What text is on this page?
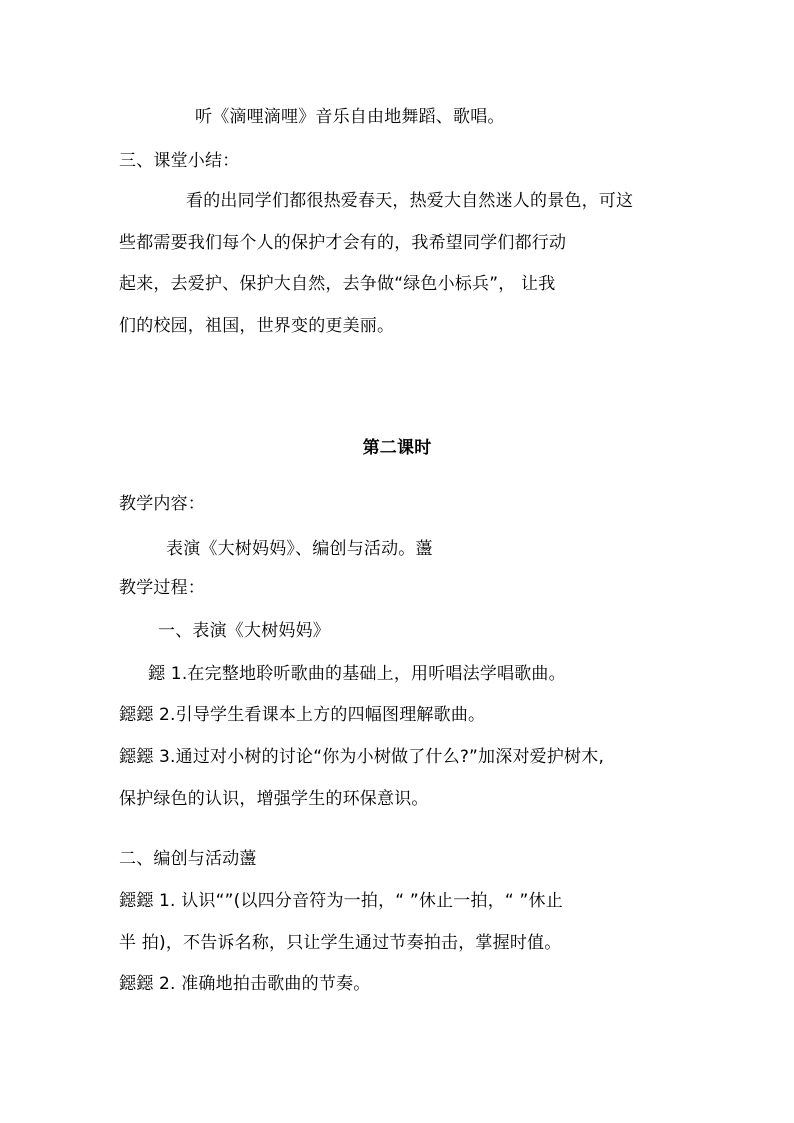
听《滴哩滴哩》音乐自由地舞蹈、歌唱。
三、课堂小结：
看的出同学们都很热爱春天，热爱大自然迷人的景色，可这
些都需要我们每个人的保护才会有的，我希望同学们都行动
起来，去爱护、保护大自然，去争做“绿色小标兵”， 让我
们的校园，祖国，世界变的更美丽。
第二课时
教学内容：
表演《大树妈妈》、编创与活动。蘯
教学过程：
一、表演《大树妈妈》
鐚 1.在完整地聆听歌曲的基础上，用听唱法学唱歌曲。
鐚鐚 2.引导学生看课本上方的四幅图理解歌曲。
鐚鐚 3.通过对小树的讨论“你为小树做了什么?”加深对爱护树木,
保护绿色的认识，增强学生的环保意识。
二、编创与活动蘯
鐚鐚 1. 认识“”(以四分音符为一拍，“ ”休止一拍，“ ”休止
半 拍)，不告诉名称，只让学生通过节奏拍击，掌握时值。
鐚鐚 2. 准确地拍击歌曲的节奏。
